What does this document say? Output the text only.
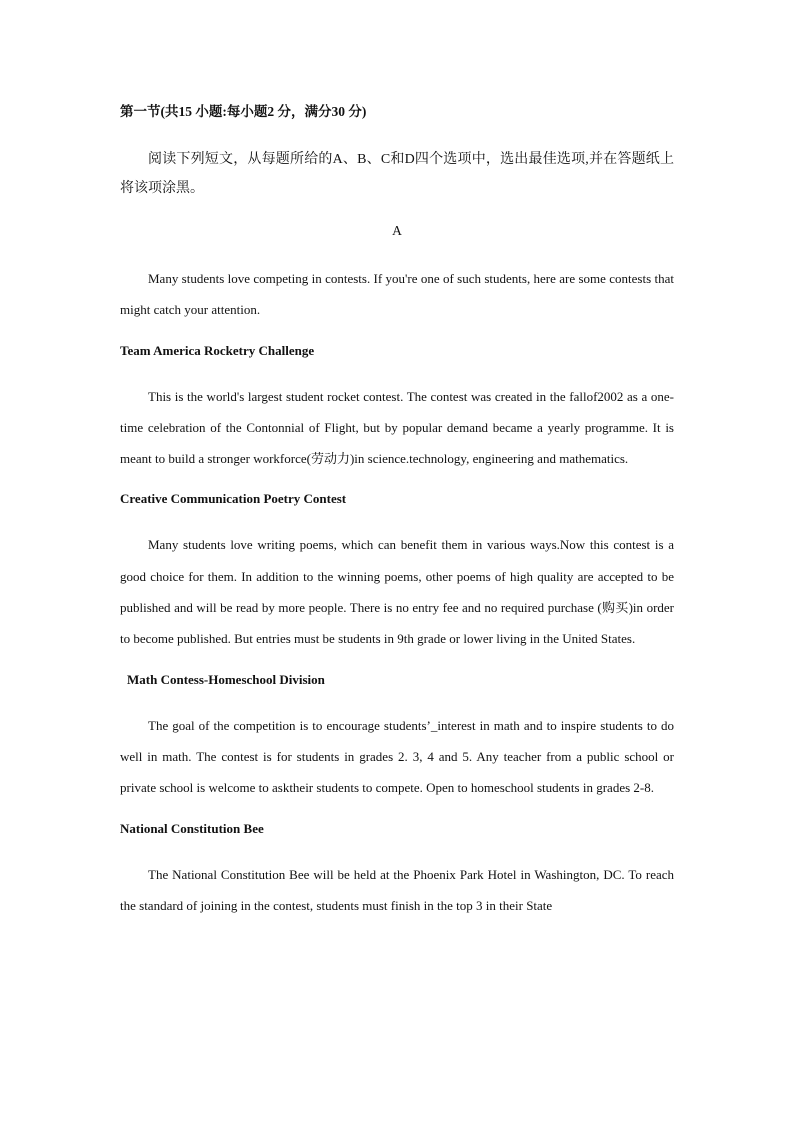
第一节(共15 小题:每小题2 分，满分30 分)

阅读下列短文，从每题所给的A、B、C和D四个选项中，选出最佳选项,并在答题纸上将该项涂黑。

A

Many students love competing in contests. If you're one of such students, here are some contests that might catch your attention.

Team America Rocketry Challenge

This is the world's largest student rocket contest. The contest was created in the fallof2002 as a one-time celebration of the Contonnial of Flight, but by popular demand became a yearly programme. It is meant to build a stronger workforce(劳动力)in science.technology, engineering and mathematics.

Creative Communication Poetry Contest

Many students love writing poems, which can benefit them in various ways.Now this contest is a good choice for them. In addition to the winning poems, other poems of high quality are accepted to be published and will be read by more people. There is no entry fee and no required purchase (购买)in order to become published. But entries must be students in 9th grade or lower living in the United States.

Math Contess-Homeschool Division

The goal of the competition is to encourage students’_interest in math and to inspire students to do well in math. The contest is for students in grades 2. 3, 4 and 5. Any teacher from a public school or private school is welcome to asktheir students to compete. Open to homeschool students in grades 2-8.

National Constitution Bee

The National Constitution Bee will be held at the Phoenix Park Hotel in Washington, DC. To reach the standard of joining in the contest, students must finish in the top 3 in their State
